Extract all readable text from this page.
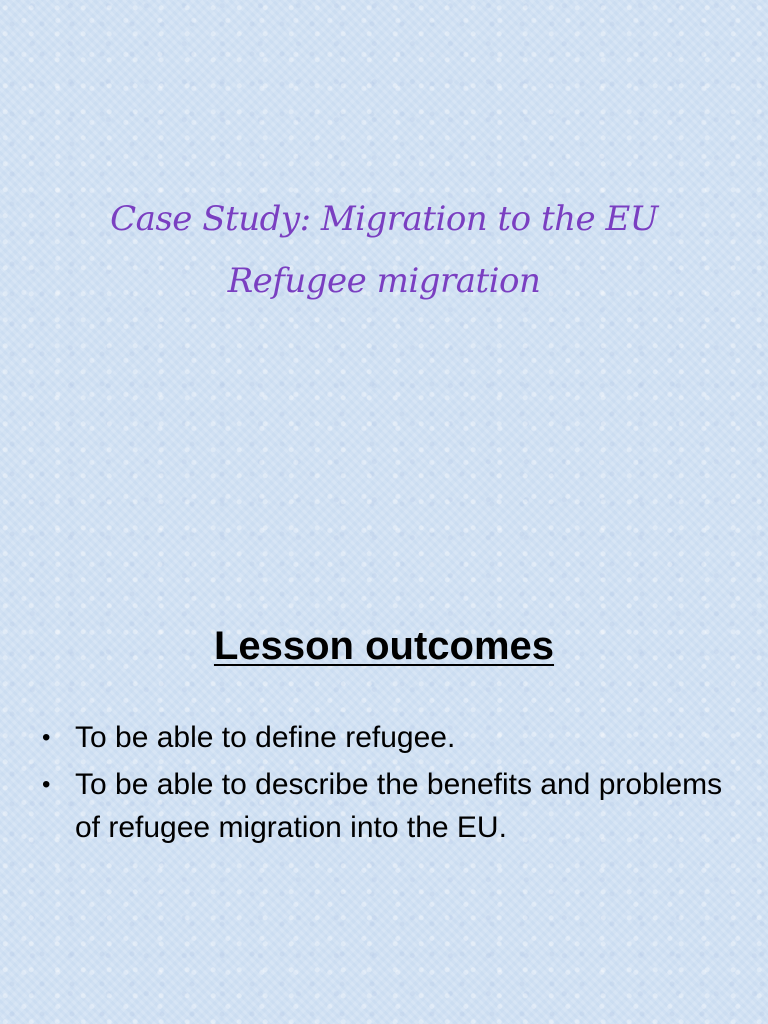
Case Study: Migration to the EU
Refugee migration
Lesson outcomes
• To be able to define refugee.
• To be able to describe the benefits and problems of refugee migration into the EU.
